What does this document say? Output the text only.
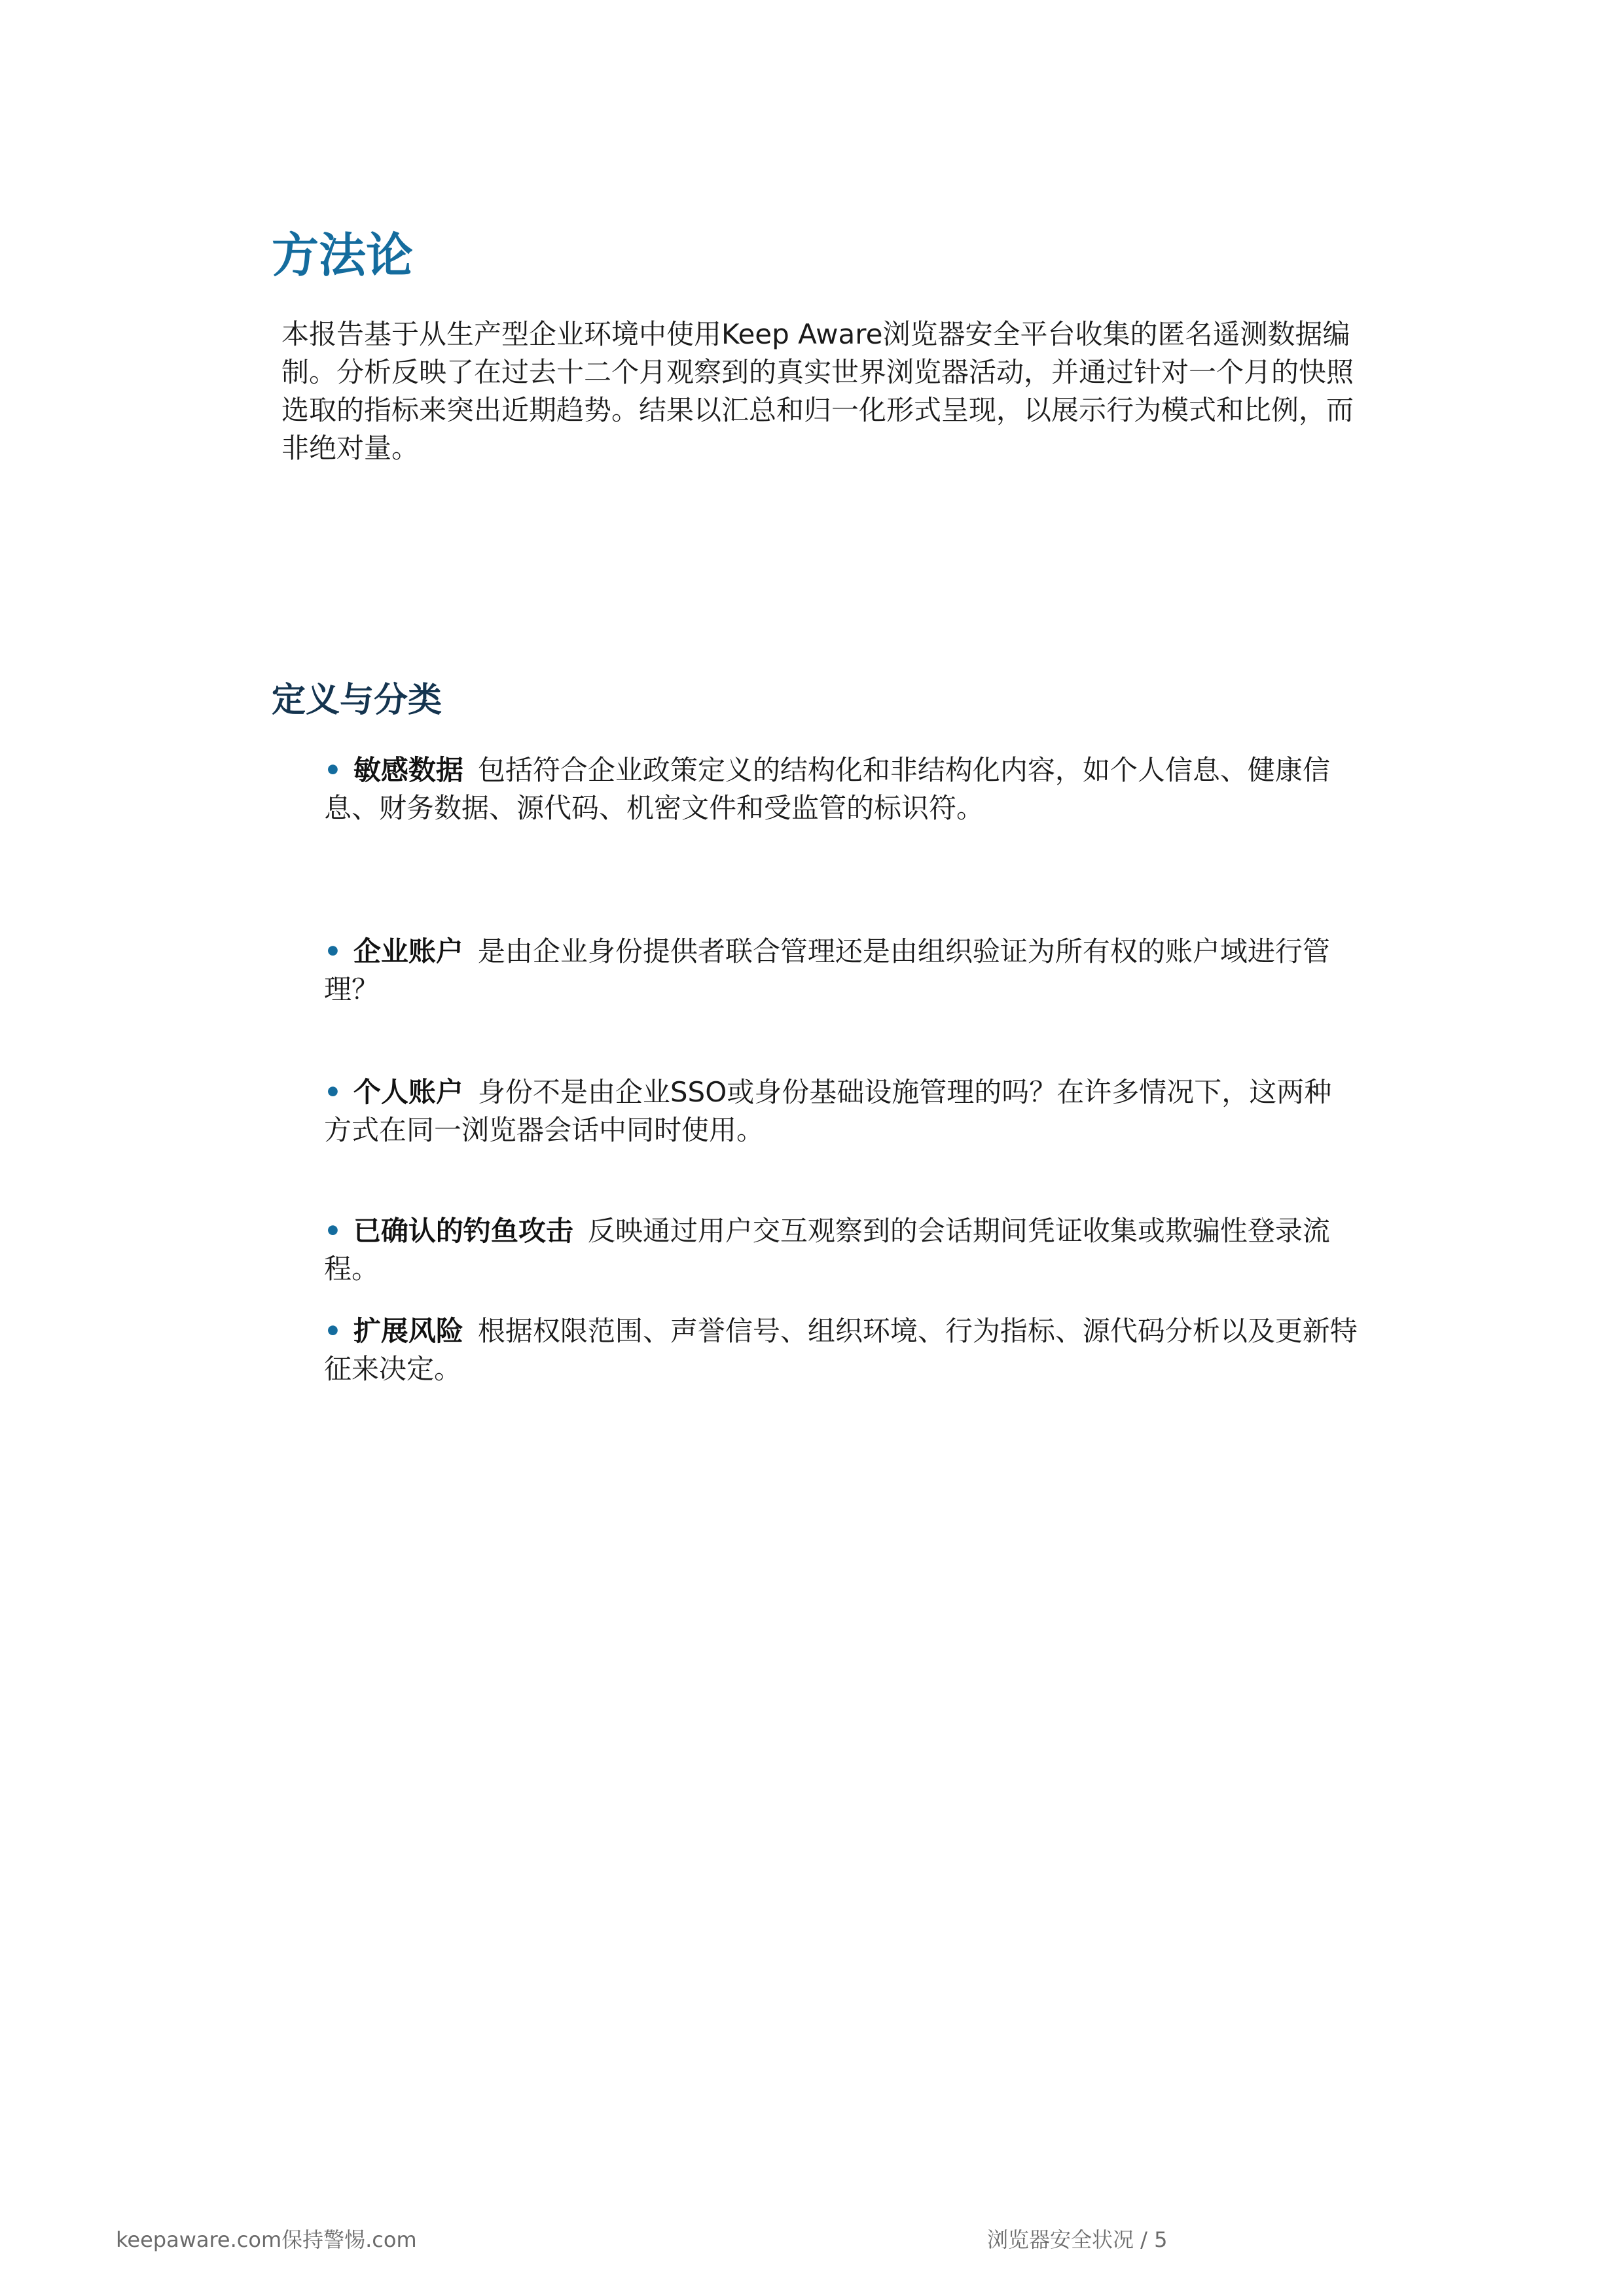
方法论

本报告基于从生产型企业环境中使用Keep Aware浏览器安全平台收集的匿名遥测数据编制。分析反映了在过去十二个月观察到的真实世界浏览器活动，并通过针对一个月的快照选取的指标来突出近期趋势。结果以汇总和归一化形式呈现，以展示行为模式和比例，而非绝对量。

定义与分类

• 敏感数据 包括符合企业政策定义的结构化和非结构化内容，如个人信息、健康信息、财务数据、源代码、机密文件和受监管的标识符。

• 企业账户 是由企业身份提供者联合管理还是由组织验证为所有权的账户域进行管理？

• 个人账户 身份不是由企业SSO或身份基础设施管理的吗？在许多情况下，这两种方式在同一浏览器会话中同时使用。

• 已确认的钓鱼攻击 反映通过用户交互观察到的会话期间凭证收集或欺骗性登录流程。

• 扩展风险 根据权限范围、声誉信号、组织环境、行为指标、源代码分析以及更新特征来决定。

keepaware.com保持警惕.com	浏览器安全状况 / 5
